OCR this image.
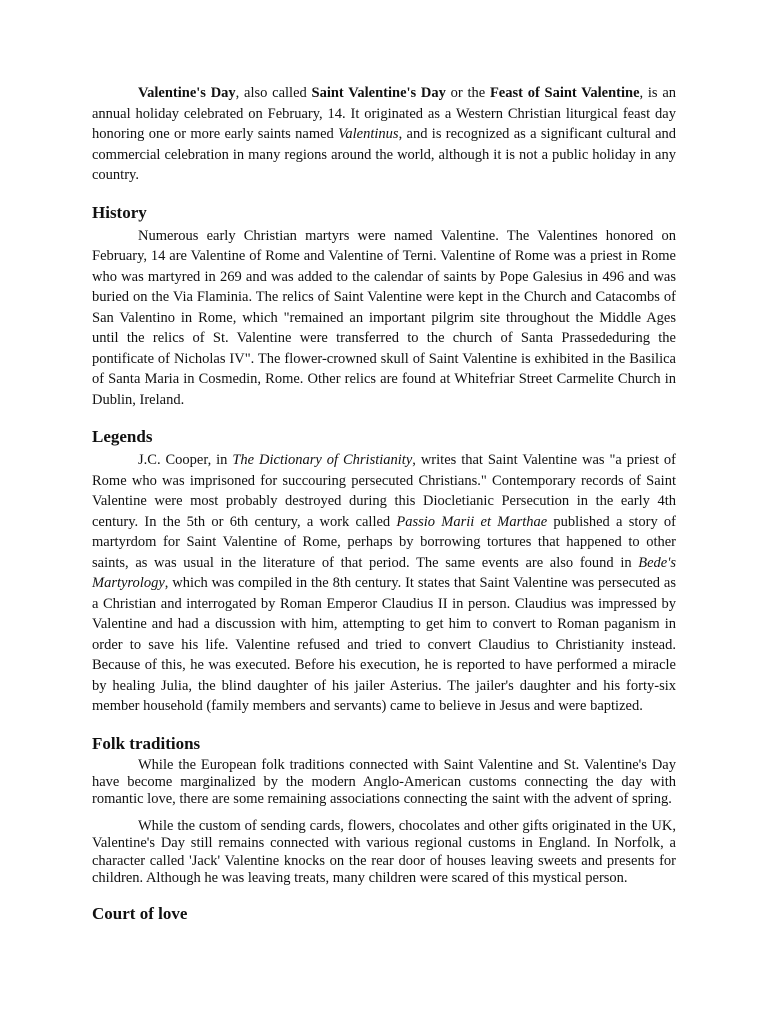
Valentine's Day, also called Saint Valentine's Day or the Feast of Saint Valentine, is an annual holiday celebrated on February, 14. It originated as a Western Christian liturgical feast day honoring one or more early saints named Valentinus, and is recognized as a significant cultural and commercial celebration in many regions around the world, although it is not a public holiday in any country.

History

Numerous early Christian martyrs were named Valentine. The Valentines honored on February, 14 are Valentine of Rome and Valentine of Terni. Valentine of Rome was a priest in Rome who was martyred in 269 and was added to the calendar of saints by Pope Galesius in 496 and was buried on the Via Flaminia. The relics of Saint Valentine were kept in the Church and Catacombs of San Valentino in Rome, which "remained an important pilgrim site throughout the Middle Ages until the relics of St. Valentine were transferred to the church of Santa Prassededuring the pontificate of Nicholas IV". The flower-crowned skull of Saint Valentine is exhibited in the Basilica of Santa Maria in Cosmedin, Rome. Other relics are found at Whitefriar Street Carmelite Church in Dublin, Ireland.

Legends

J.C. Cooper, in The Dictionary of Christianity, writes that Saint Valentine was "a priest of Rome who was imprisoned for succouring persecuted Christians." Contemporary records of Saint Valentine were most probably destroyed during this Diocletianic Persecution in the early 4th century. In the 5th or 6th century, a work called Passio Marii et Marthae published a story of martyrdom for Saint Valentine of Rome, perhaps by borrowing tortures that happened to other saints, as was usual in the literature of that period. The same events are also found in Bede's Martyrology, which was compiled in the 8th century. It states that Saint Valentine was persecuted as a Christian and interrogated by Roman Emperor Claudius II in person. Claudius was impressed by Valentine and had a discussion with him, attempting to get him to convert to Roman paganism in order to save his life. Valentine refused and tried to convert Claudius to Christianity instead. Because of this, he was executed. Before his execution, he is reported to have performed a miracle by healing Julia, the blind daughter of his jailer Asterius. The jailer's daughter and his forty-six member household (family members and servants) came to believe in Jesus and were baptized.

Folk traditions

While the European folk traditions connected with Saint Valentine and St. Valentine's Day have become marginalized by the modern Anglo-American customs connecting the day with romantic love, there are some remaining associations connecting the saint with the advent of spring.

While the custom of sending cards, flowers, chocolates and other gifts originated in the UK, Valentine's Day still remains connected with various regional customs in England. In Norfolk, a character called 'Jack' Valentine knocks on the rear door of houses leaving sweets and presents for children. Although he was leaving treats, many children were scared of this mystical person.

Court of love
